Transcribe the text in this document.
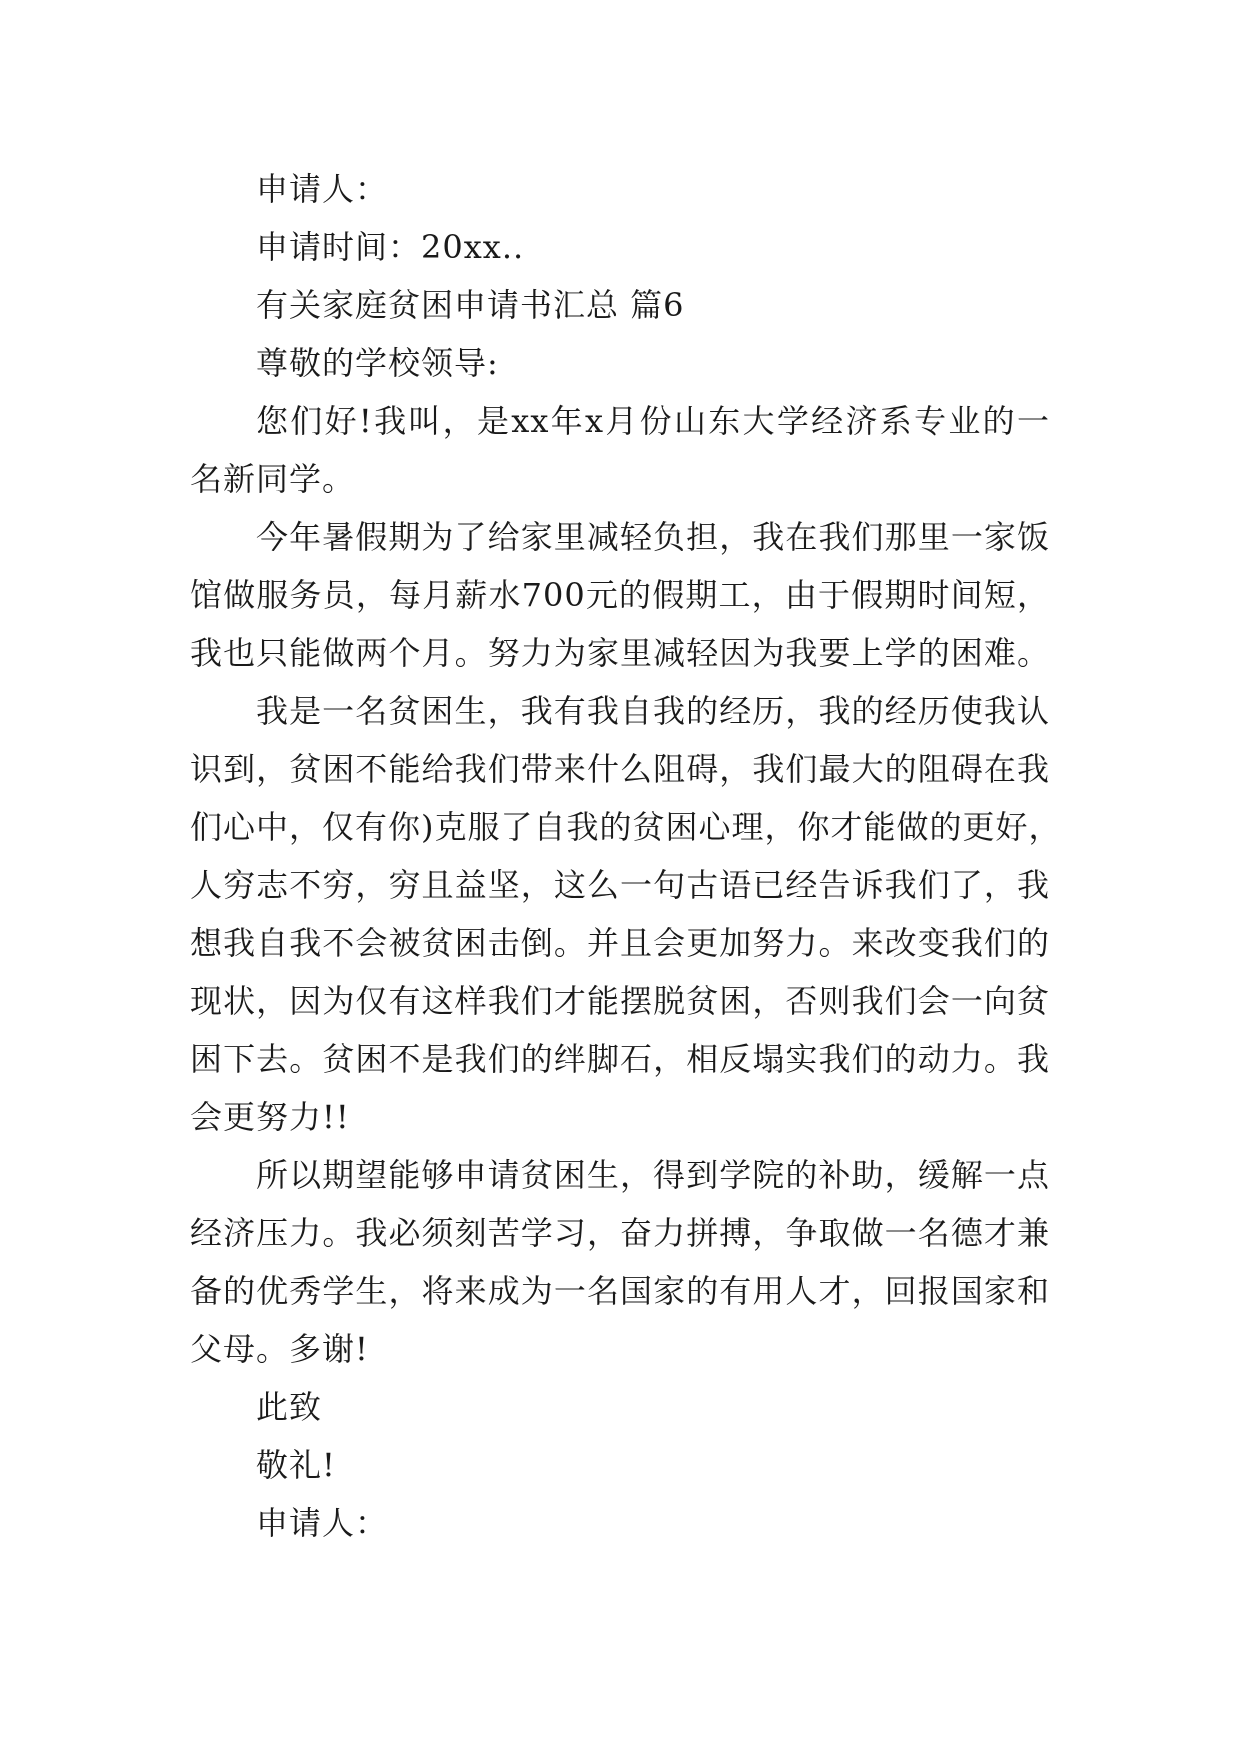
申请人：

申请时间：20xx..

有关家庭贫困申请书汇总 篇6

尊敬的学校领导:

您们好!我叫，是xx年x月份山东大学经济系专业的一

名新同学。

今年暑假期为了给家里减轻负担，我在我们那里一家饭

馆做服务员，每月薪水700元的假期工，由于假期时间短，

我也只能做两个月。努力为家里减轻因为我要上学的困难。

我是一名贫困生，我有我自我的经历，我的经历使我认

识到，贫困不能给我们带来什么阻碍，我们最大的阻碍在我

们心中，仅有你)克服了自我的贫困心理，你才能做的更好，

人穷志不穷，穷且益坚，这么一句古语已经告诉我们了，我

想我自我不会被贫困击倒。并且会更加努力。来改变我们的

现状，因为仅有这样我们才能摆脱贫困，否则我们会一向贫

困下去。贫困不是我们的绊脚石，相反塌实我们的动力。我

会更努力!!

所以期望能够申请贫困生，得到学院的补助，缓解一点

经济压力。我必须刻苦学习，奋力拼搏，争取做一名德才兼

备的优秀学生，将来成为一名国家的有用人才，回报国家和

父母。多谢!

此致

敬礼!

申请人：
